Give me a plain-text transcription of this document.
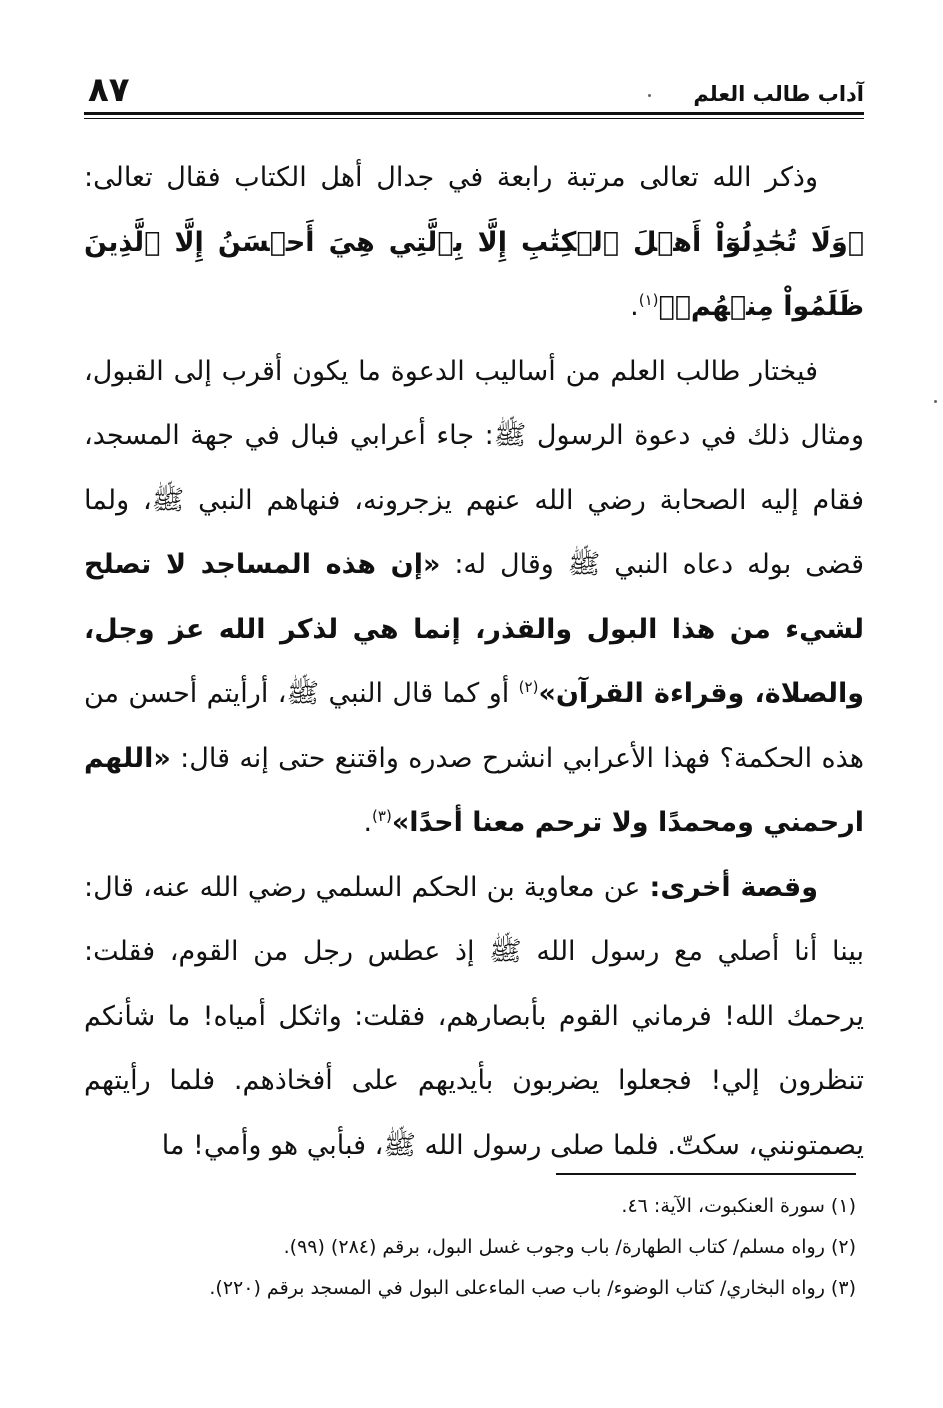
آداب طالب العلم
٨٧

وذكر الله تعالى مرتبة رابعة في جدال أهل الكتاب فقال تعالى: ﴿وَلَا تُجَٰدِلُوٓاْ أَهۡلَ ٱلۡكِتَٰبِ إِلَّا بِٱلَّتِي هِيَ أَحۡسَنُ إِلَّا ٱلَّذِينَ ظَلَمُواْ مِنۡهُمۡ﴾$^{(١)}$.

فيختار طالب العلم من أساليب الدعوة ما يكون أقرب إلى القبول، ومثال ذلك في دعوة الرسول ﷺ: جاء أعرابي فبال في جهة المسجد، فقام إليه الصحابة رضي الله عنهم يزجرونه، فنهاهم النبي ﷺ، ولما قضى بوله دعاه النبي ﷺ وقال له: «إن هذه المساجد لا تصلح لشيء من هذا البول والقذر، إنما هي لذكر الله عز وجل، والصلاة، وقراءة القرآن»$^{(٢)}$ أو كما قال النبي ﷺ، أرأيتم أحسن من هذه الحكمة؟ فهذا الأعرابي انشرح صدره واقتنع حتى إنه قال: «اللهم ارحمني ومحمدًا ولا ترحم معنا أحدًا»$^{(٣)}$.

وقصة أخرى: عن معاوية بن الحكم السلمي رضي الله عنه، قال: بينا أنا أصلي مع رسول الله ﷺ إذ عطس رجل من القوم، فقلت: يرحمك الله! فرماني القوم بأبصارهم، فقلت: واثكل أمياه! ما شأنكم تنظرون إلي! فجعلوا يضربون بأيديهم على أفخاذهم. فلما رأيتهم يصمتونني، سكتّ. فلما صلى رسول الله ﷺ، فبأبي هو وأمي! ما

(١) سورة العنكبوت، الآية: ٤٦.
(٢) رواه مسلم/ كتاب الطهارة/ باب وجوب غسل البول، برقم (٢٨٤) (٩٩).
(٣) رواه البخاري/ كتاب الوضوء/ باب صب الماءعلى البول في المسجد برقم (٢٢٠).
